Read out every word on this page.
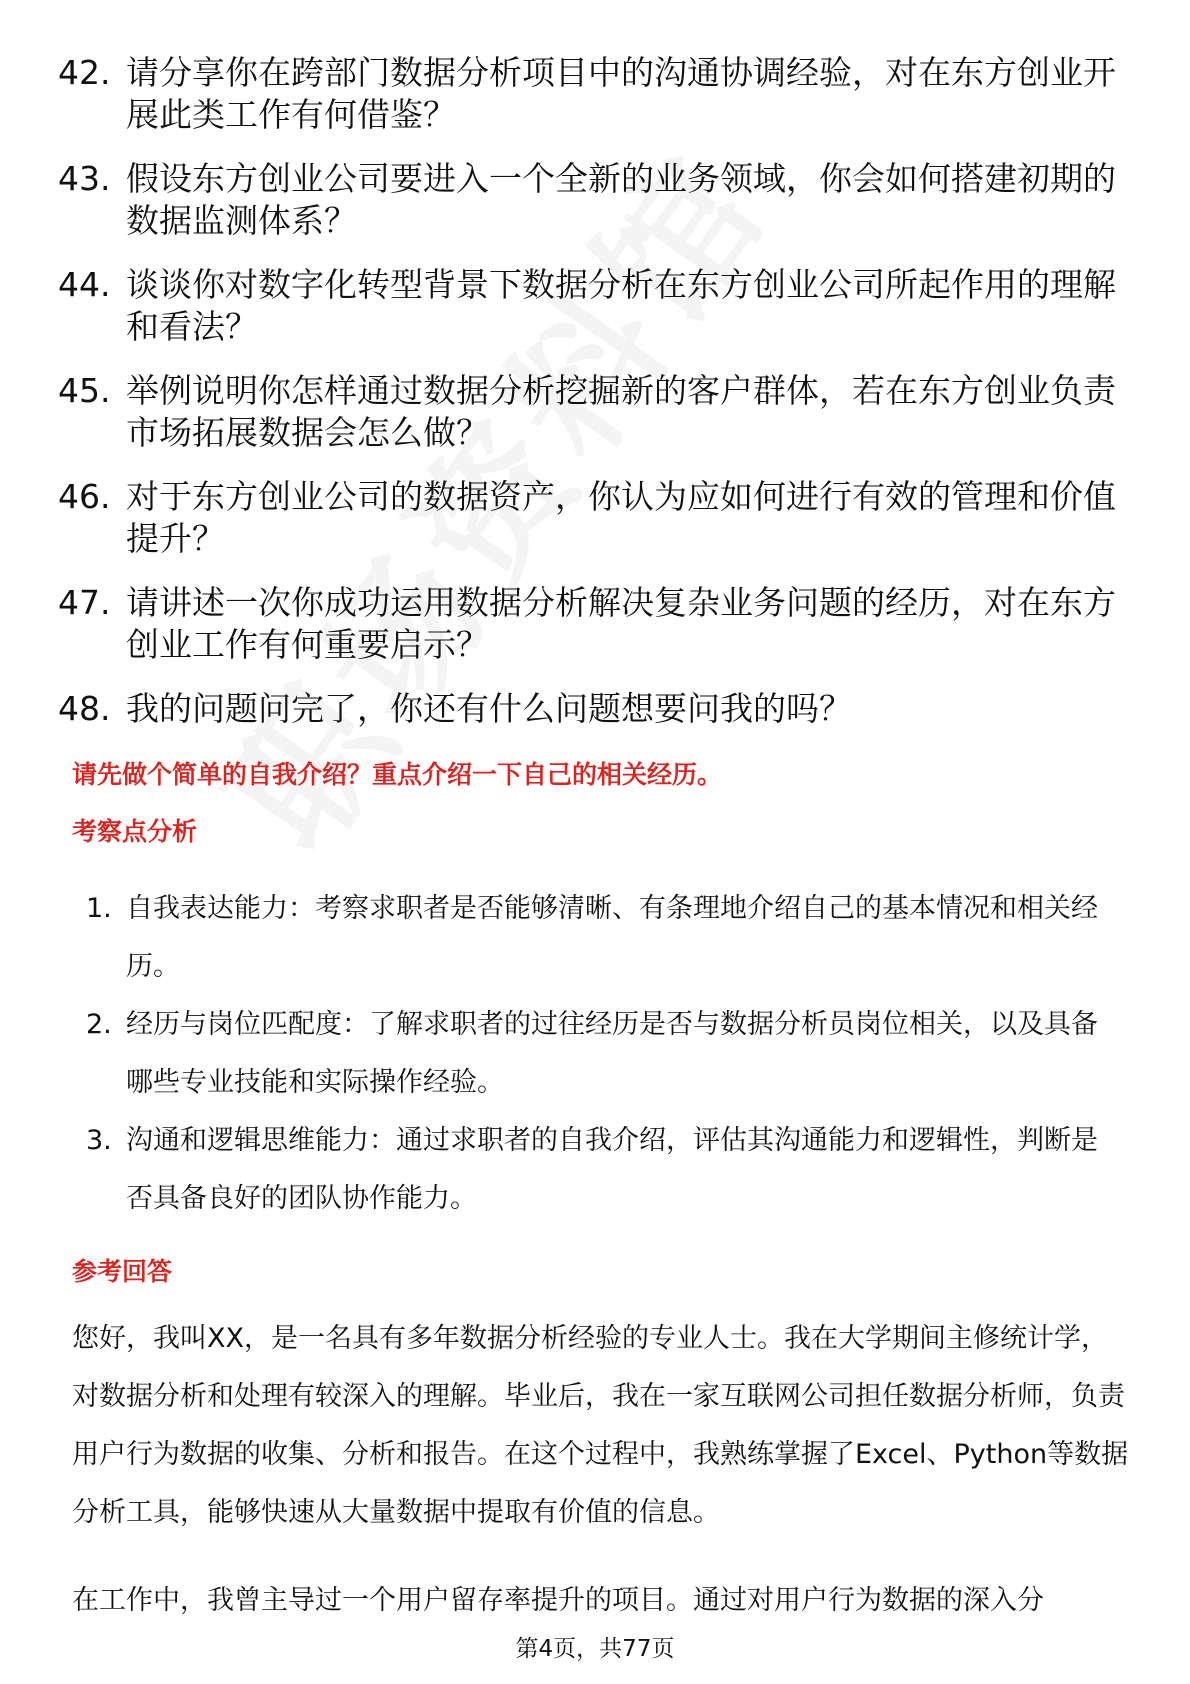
42. 请分享你在跨部门数据分析项目中的沟通协调经验，对在东方创业开展此类工作有何借鉴？
43. 假设东方创业公司要进入一个全新的业务领域，你会如何搭建初期的数据监测体系？
44. 谈谈你对数字化转型背景下数据分析在东方创业公司所起作用的理解和看法？
45. 举例说明你怎样通过数据分析挖掘新的客户群体，若在东方创业负责市场拓展数据会怎么做？
46. 对于东方创业公司的数据资产，你认为应如何进行有效的管理和价值提升？
47. 请讲述一次你成功运用数据分析解决复杂业务问题的经历，对在东方创业工作有何重要启示？
48. 我的问题问完了，你还有什么问题想要问我的吗？
请先做个简单的自我介绍？重点介绍一下自己的相关经历。
考察点分析
1. 自我表达能力：考察求职者是否能够清晰、有条理地介绍自己的基本情况和相关经历。
2. 经历与岗位匹配度：了解求职者的过往经历是否与数据分析员岗位相关，以及具备哪些专业技能和实际操作经验。
3. 沟通和逻辑思维能力：通过求职者的自我介绍，评估其沟通能力和逻辑性，判断是否具备良好的团队协作能力。
参考回答

您好，我叫XX，是一名具有多年数据分析经验的专业人士。我在大学期间主修统计学，对数据分析和处理有较深入的理解。毕业后，我在一家互联网公司担任数据分析师，负责用户行为数据的收集、分析和报告。在这个过程中，我熟练掌握了Excel、Python等数据分析工具，能够快速从大量数据中提取有价值的信息。

在工作中，我曾主导过一个用户留存率提升的项目。通过对用户行为数据的深入分

第4页，共77页
